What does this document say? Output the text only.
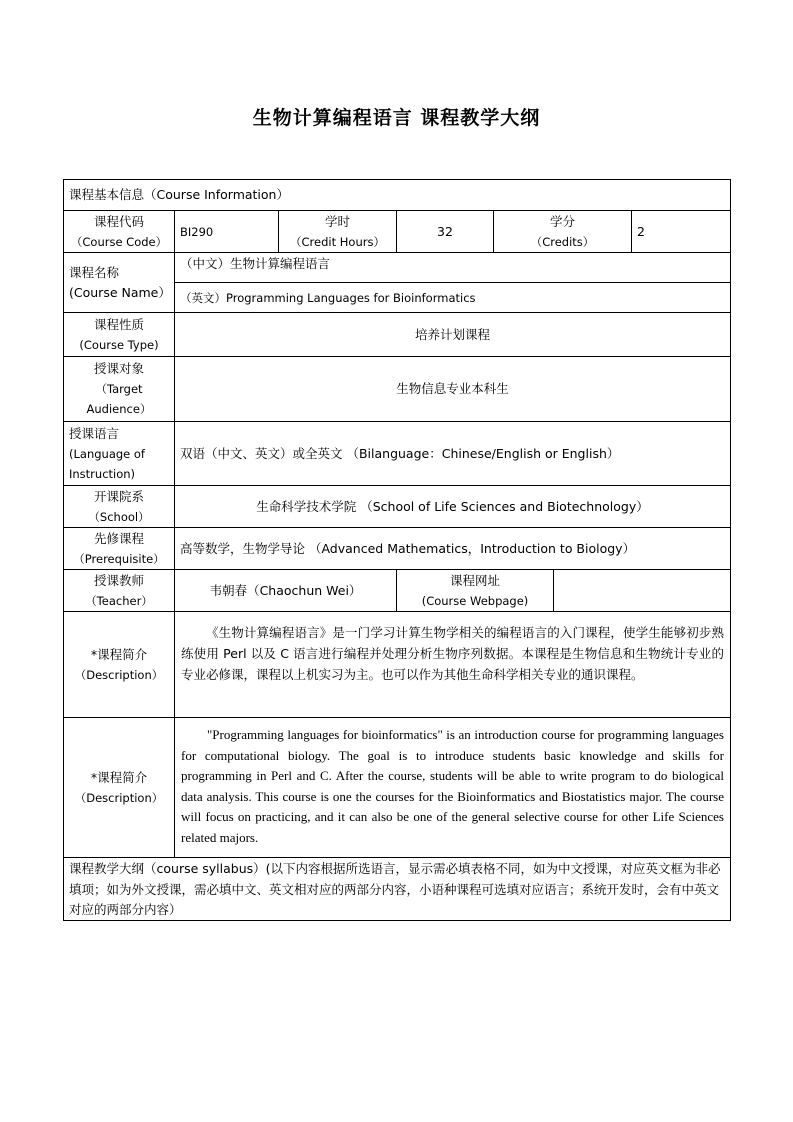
生物计算编程语言 课程教学大纲
课程基本信息（Course Information）
课程代码
（Course Code）
BI290
学时
（Credit Hours）
32
学分
（Credits）
2
课程名称
(Course Name）
（中文）生物计算编程语言
（英文）Programming Languages for Bioinformatics
课程性质
(Course Type)
培养计划课程
授课对象
（Target
Audience）
生物信息专业本科生
授课语言
(Language of
Instruction)
双语（中文、英文）或全英文 （Bilanguage：Chinese/English or English）
开课院系
（School）
生命科学技术学院 （School of Life Sciences and Biotechnology）
先修课程
（Prerequisite）
高等数学，生物学导论 （Advanced Mathematics，Introduction to Biology）
授课教师
（Teacher）
韦朝春（Chaochun Wei）
课程网址
(Course Webpage)
*课程简介
（Description）
《生物计算编程语言》是一门学习计算生物学相关的编程语言的入门课程，使学生能够初步熟练使用 Perl 以及 C 语言进行编程并处理分析生物序列数据。本课程是生物信息和生物统计专业的专业必修课，课程以上机实习为主。也可以作为其他生命科学相关专业的通识课程。
*课程简介
（Description）
"Programming languages for bioinformatics" is an introduction course for programming languages for computational biology. The goal is to introduce students basic knowledge and skills for programming in Perl and C. After the course, students will be able to write program to do biological data analysis. This course is one the courses for the Bioinformatics and Biostatistics major. The course will focus on practicing, and it can also be one of the general selective course for other Life Sciences related majors.
课程教学大纲（course syllabus）(以下内容根据所选语言，显示需必填表格不同，如为中文授课，对应英文框为非必填项；如为外文授课，需必填中文、英文相对应的两部分内容，小语种课程可选填对应语言；系统开发时，会有中英文对应的两部分内容）
